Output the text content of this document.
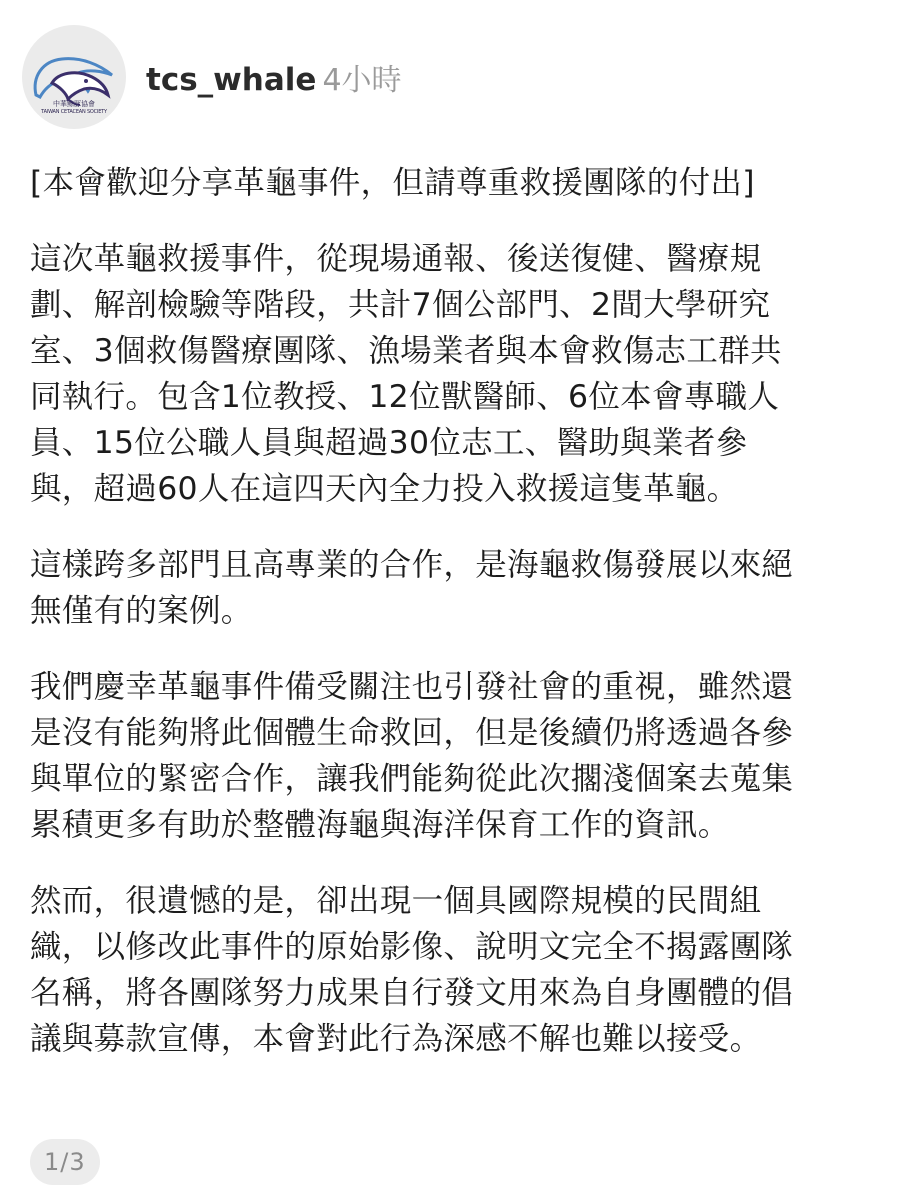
中華鯨豚協會
TAIWAN CETACEAN SOCIETY
tcs_whale 4小時

[本會歡迎分享革龜事件，但請尊重救援團隊的付出]

這次革龜救援事件，從現場通報、後送復健、醫療規
劃、解剖檢驗等階段，共計7個公部門、2間大學研究
室、3個救傷醫療團隊、漁場業者與本會救傷志工群共
同執行。包含1位教授、12位獸醫師、6位本會專職人
員、15位公職人員與超過30位志工、醫助與業者參
與，超過60人在這四天內全力投入救援這隻革龜。

這樣跨多部門且高專業的合作，是海龜救傷發展以來絕
無僅有的案例。

我們慶幸革龜事件備受關注也引發社會的重視，雖然還
是沒有能夠將此個體生命救回，但是後續仍將透過各參
與單位的緊密合作，讓我們能夠從此次擱淺個案去蒐集
累積更多有助於整體海龜與海洋保育工作的資訊。

然而，很遺憾的是，卻出現一個具國際規模的民間組
織，以修改此事件的原始影像、說明文完全不揭露團隊
名稱，將各團隊努力成果自行發文用來為自身團體的倡
議與募款宣傳，本會對此行為深感不解也難以接受。

1/3
